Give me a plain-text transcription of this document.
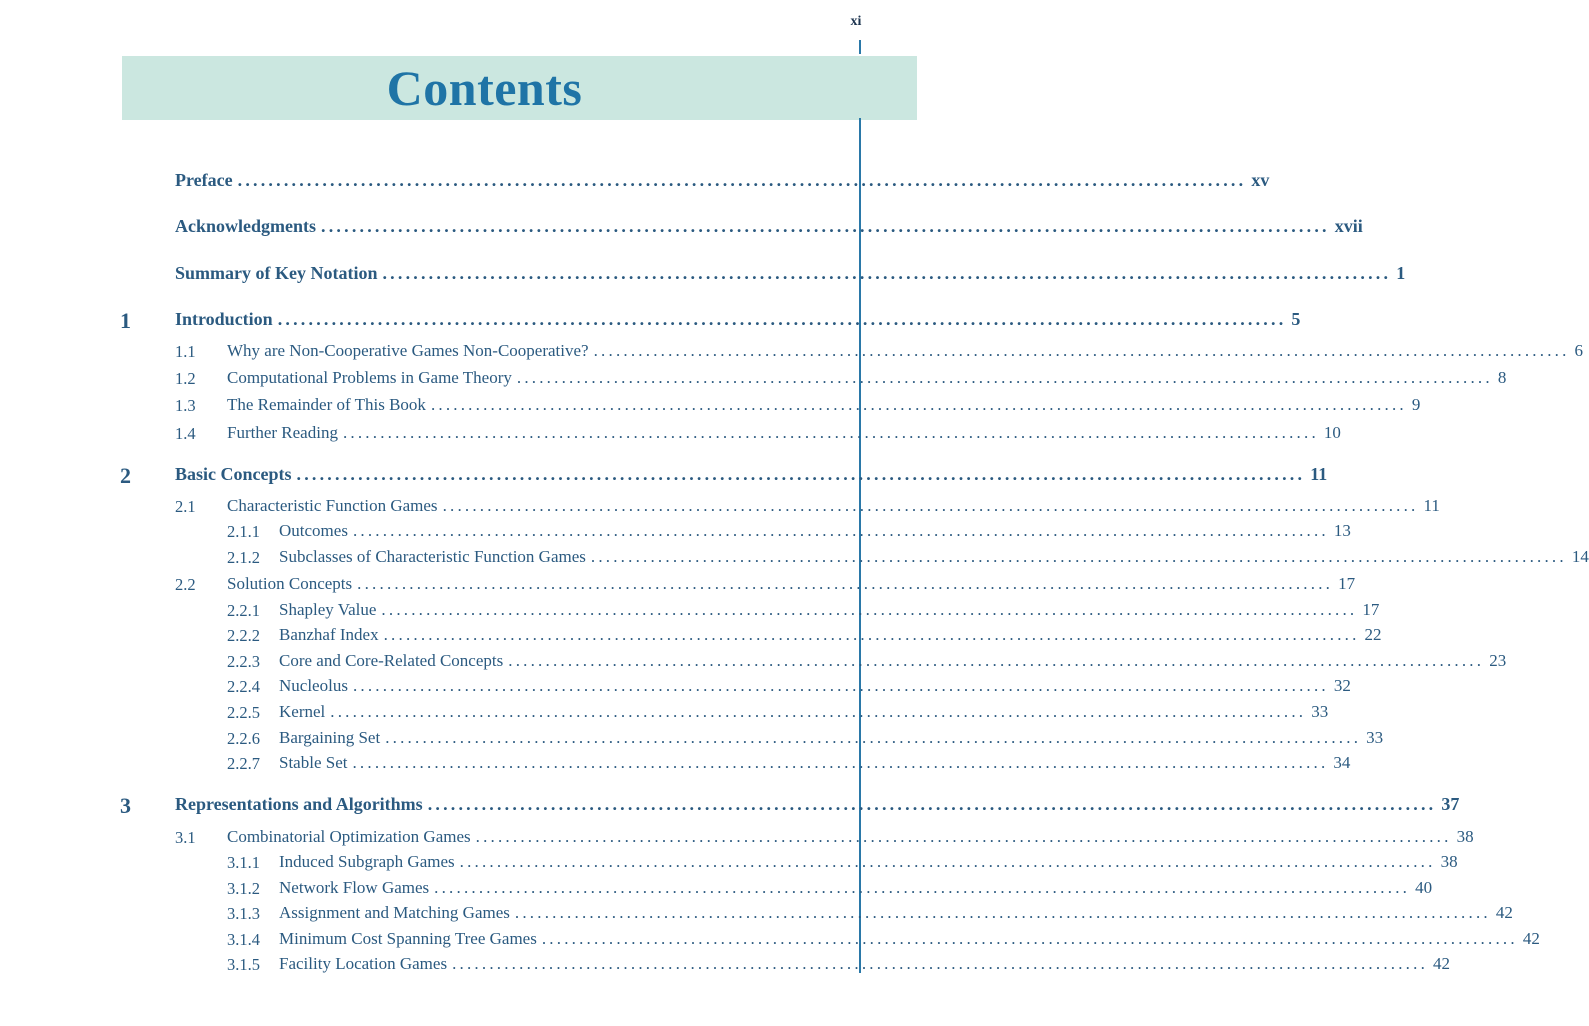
xi
Contents
Preface ................................................................................................................................... xv
Acknowledgments ................................................................................................................................... xvii
Summary of Key Notation ................................................................................................................................... 1
1 Introduction ................................................................................................................................... 5
1.1 Why are Non-Cooperative Games Non-Cooperative? ................................................................................................................................... 6
1.2 Computational Problems in Game Theory ................................................................................................................................... 8
1.3 The Remainder of This Book ................................................................................................................................... 9
1.4 Further Reading ................................................................................................................................... 10
2 Basic Concepts ................................................................................................................................... 11
2.1 Characteristic Function Games ................................................................................................................................... 11
2.1.1 Outcomes ................................................................................................................................... 13
2.1.2 Subclasses of Characteristic Function Games ................................................................................................................................... 14
2.2 Solution Concepts ................................................................................................................................... 17
2.2.1 Shapley Value ................................................................................................................................... 17
2.2.2 Banzhaf Index ................................................................................................................................... 22
2.2.3 Core and Core-Related Concepts ................................................................................................................................... 23
2.2.4 Nucleolus ................................................................................................................................... 32
2.2.5 Kernel ................................................................................................................................... 33
2.2.6 Bargaining Set ................................................................................................................................... 33
2.2.7 Stable Set ................................................................................................................................... 34
3 Representations and Algorithms ................................................................................................................................... 37
3.1 Combinatorial Optimization Games ................................................................................................................................... 38
3.1.1 Induced Subgraph Games ................................................................................................................................... 38
3.1.2 Network Flow Games ................................................................................................................................... 40
3.1.3 Assignment and Matching Games ................................................................................................................................... 42
3.1.4 Minimum Cost Spanning Tree Games ................................................................................................................................... 42
3.1.5 Facility Location Games ................................................................................................................................... 42
